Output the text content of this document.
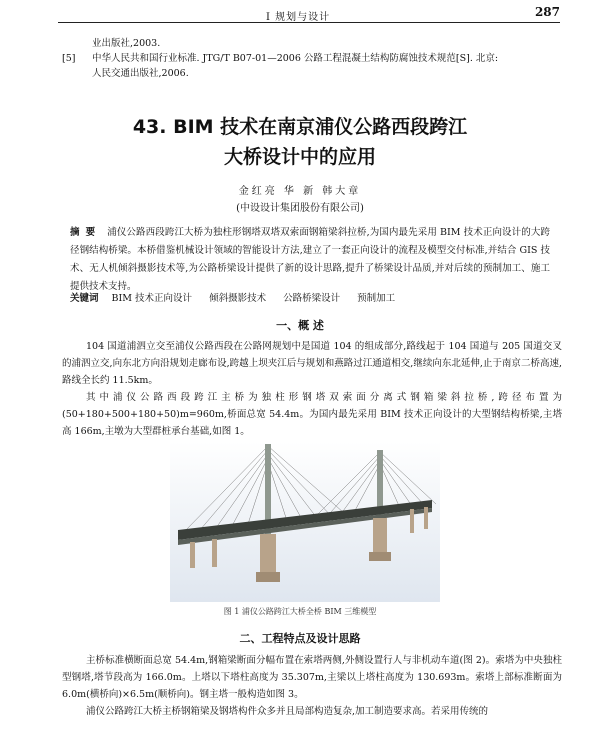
I 规划与设计	287
业出版社,2003.
[5]	中华人民共和国行业标准. JTG/T B07-01—2006 公路工程混凝土结构防腐蚀技术规范[S]. 北京:
人民交通出版社,2006.
43. BIM 技术在南京浦仪公路西段跨江
大桥设计中的应用
金红亮 华 新 韩大章
(中设设计集团股份有限公司)
摘要 浦仪公路西段跨江大桥为独柱形钢塔双塔双索面钢箱梁斜拉桥,为国内最先采用 BIM 技术正向设计的大跨径钢结构桥梁。本桥借鉴机械设计领域的智能设计方法,建立了一套正向设计的流程及模型交付标准,并结合 GIS 技术、无人机倾斜摄影技术等,为公路桥梁设计提供了新的设计思路,提升了桥梁设计品质,并对后续的预制加工、施工提供技术支持。
关键词 BIM 技术正向设计 倾斜摄影技术 公路桥梁设计 预制加工
一、概 述
104 国道浦泗立交至浦仪公路西段在公路网规划中是国道 104 的组成部分,路线起于 104 国道与 205 国道交叉的浦泗立交,向东北方向沿规划走廊布设,跨越上坝夹江后与规划和燕路过江通道相交,继续向东北延伸,止于南京二桥高速,路线全长约 11.5km。
其中浦仪公路西段跨江主桥为独柱形钢塔双索面分离式钢箱梁斜拉桥,跨径布置为(50+180+500+180+50)m=960m,桥面总宽 54.4m。为国内最先采用 BIM 技术正向设计的大型钢结构桥梁,主塔高 166m,主墩为大型群桩承台基础,如图 1。
图 1 浦仪公路跨江大桥全桥 BIM 三维模型
二、工程特点及设计思路
主桥标准横断面总宽 54.4m,钢箱梁断面分幅布置在索塔两侧,外侧设置行人与非机动车道(图 2)。索塔为中央独柱型钢塔,塔节段高为 166.0m。上塔以下塔柱高度为 35.307m,主梁以上塔柱高度为 130.693m。索塔上部标准断面为 6.0m(横桥向)×6.5m(顺桥向)。钢主塔一般构造如图 3。
浦仪公路跨江大桥主桥钢箱梁及钢塔构件众多并且局部构造复杂,加工制造要求高。若采用传统的
